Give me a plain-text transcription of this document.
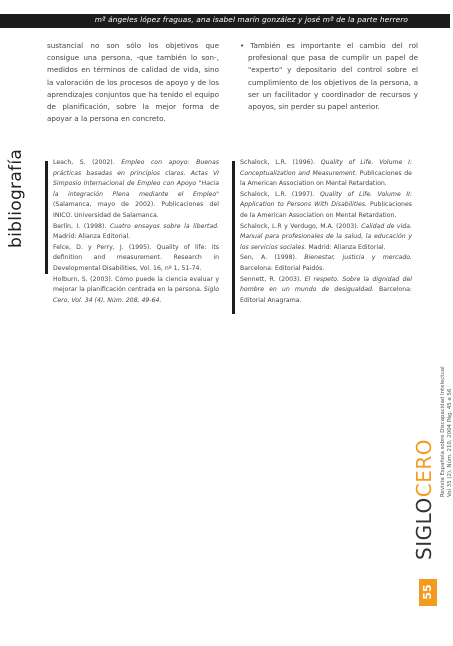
mª ángeles lópez fraguas, ana isabel marín gonzález y josé mª de la parte herrero
sustancial no son sólo los objetivos que consigue una persona, -que también lo son-, medidos en términos de calidad de vida, sino la valoración de los procesos de apoyo y de los aprendizajes conjuntos que ha tenido el equipo de planificación, sobre la mejor forma de apoyar a la persona en concreto.
• También es importante el cambio del rol profesional que pasa de cumplir un papel de "experto" y depositario del control sobre el cumplimiento de los objetivos de la persona, a ser un facilitador y coordinador de recursos y apoyos, sin perder su papel anterior.
bibliografía	Leach, S. (2002). Empleo con apoyo: Buenas prácticas basadas en principios claros. Actas VI Simposio Internacional de Empleo con Apoyo "Hacia la integración Plena mediante el Empleo" (Salamanca, mayo de 2002). Publicaciones del INICO. Universidad de Salamanca.

Berlín, I. (1998). Cuatro ensayos sobre la libertad. Madrid: Alianza Editorial.

Felce, D. y Perry, J. (1995). Quality of life: its definition and measurement. Research in Developmental Disabilities, Vol. 16, nº 1, 51-74.

Holburn, S. (2003). Cómo puede la ciencia evaluar y mejorar la planificación centrada en la persona. Siglo Cero, Vol. 34 (4), Núm. 208, 49-64.

Schalock, L.R. (1996). Quality of Life. Volume I: Conceptualization and Measurement. Publicaciones de la American Association on Mental Retardation.

Schalock, L.R. (1997). Quality of Life. Volume II: Application to Persons With Disabilities. Publicaciones de la American Association on Mental Retardation.

Schalock, L.R y Verdugo, M.A. (2003). Calidad de vida. Manual para profesionales de la salud, la educación y los servicios sociales. Madrid: Alianza Editorial.

Sen, A. (1998). Bienestar, justicia y mercado. Barcelona: Editorial Paidós.

Sennett, R. (2003). El respeto. Sobre la dignidad del hombre en un mundo de desigualdad. Barcelona: Editorial Anagrama.

SIGLOCERO Revista Española sobre Discapacidad Intelectual Vol 35 (2), Núm. 210, 2004 Pág. 45 a 56
55
